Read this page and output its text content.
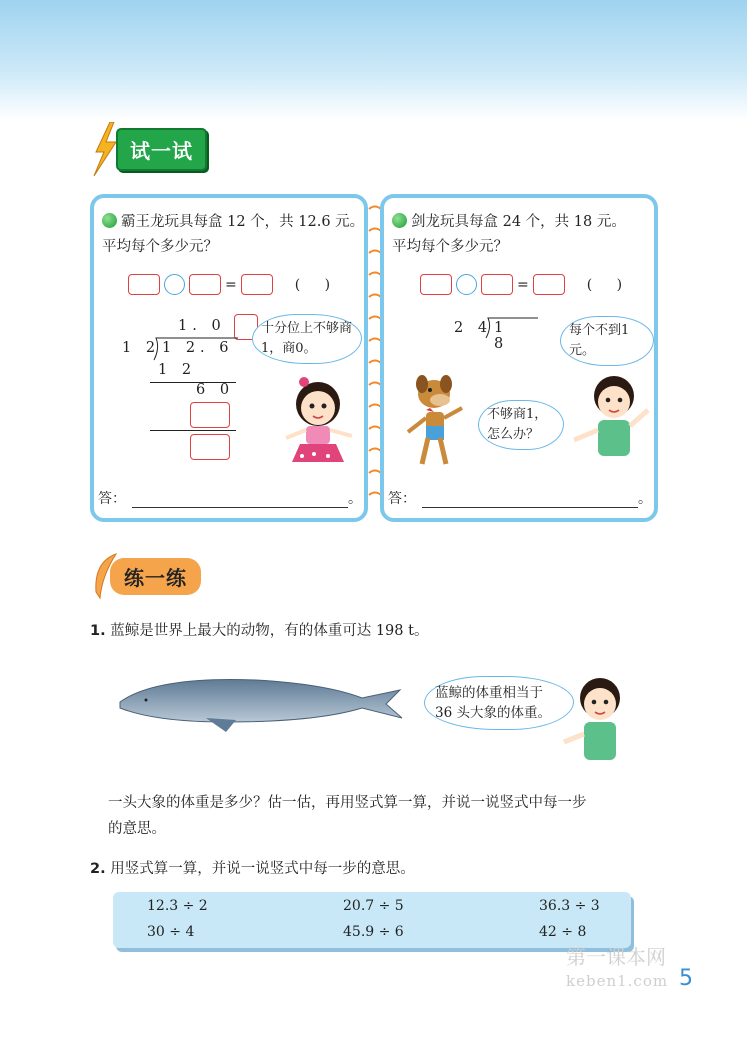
试一试
霸王龙玩具每盒 12 个，共 12.6 元。
平均每个多少元？
=	( )
1. 0
1 2 1 2. 6
1 2
6 0
十分位上不够商1，商0。
答：	。
剑龙玩具每盒 24 个，共 18 元。
平均每个多少元？
=	( )
2 4 1 8
每个不到1元。
不够商1，怎么办？
答：	。
练一练
1. 蓝鲸是世界上最大的动物，有的体重可达 198 t。
蓝鲸的体重相当于 36 头大象的体重。
一头大象的体重是多少？估一估，再用竖式算一算，并说一说竖式中每一步
的意思。
2. 用竖式算一算，并说一说竖式中每一步的意思。
12.3 ÷ 2	20.7 ÷ 5	36.3 ÷ 3
30 ÷ 4	45.9 ÷ 6	42 ÷ 8
第一课本网
keben1.com 5
